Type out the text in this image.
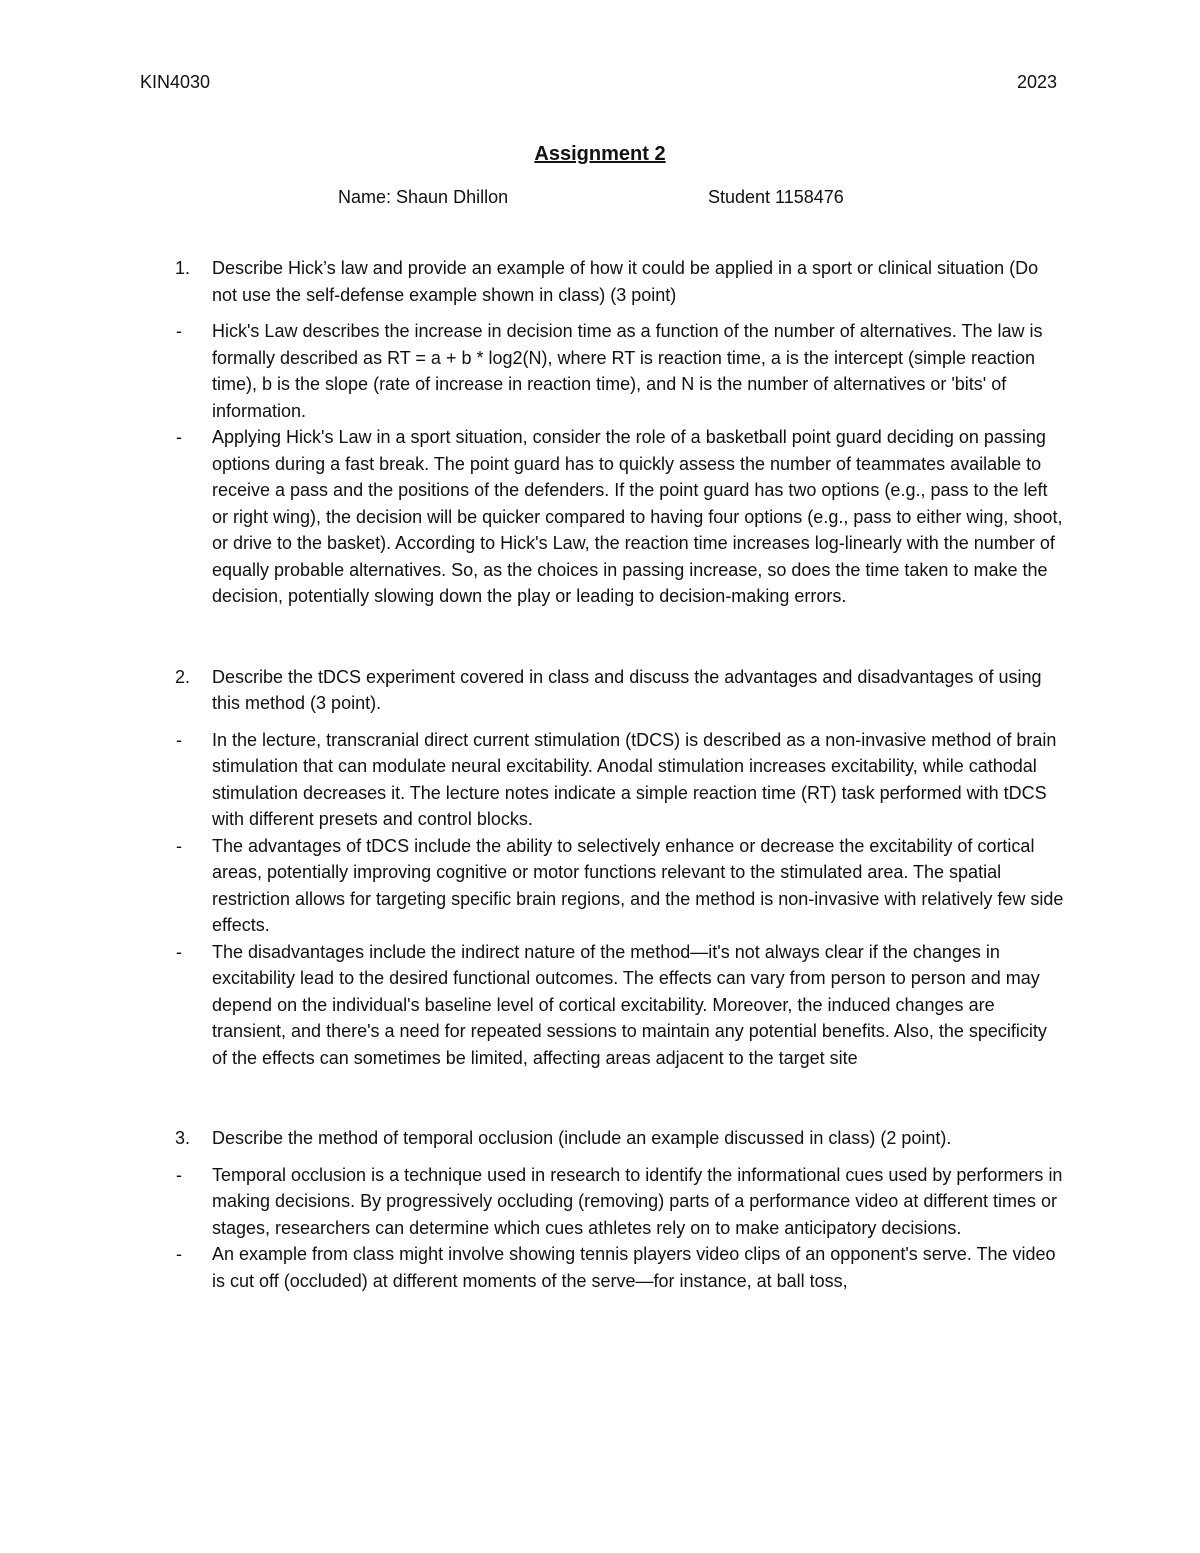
KIN4030	2023
Assignment 2
Name: Shaun Dhillon	Student 1158476
1. Describe Hick’s law and provide an example of how it could be applied in a sport or clinical situation (Do not use the self-defense example shown in class) (3 point)
- Hick's Law describes the increase in decision time as a function of the number of alternatives. The law is formally described as RT = a + b * log2(N), where RT is reaction time, a is the intercept (simple reaction time), b is the slope (rate of increase in reaction time), and N is the number of alternatives or 'bits' of information.
- Applying Hick's Law in a sport situation, consider the role of a basketball point guard deciding on passing options during a fast break. The point guard has to quickly assess the number of teammates available to receive a pass and the positions of the defenders. If the point guard has two options (e.g., pass to the left or right wing), the decision will be quicker compared to having four options (e.g., pass to either wing, shoot, or drive to the basket). According to Hick's Law, the reaction time increases log-linearly with the number of equally probable alternatives. So, as the choices in passing increase, so does the time taken to make the decision, potentially slowing down the play or leading to decision-making errors.
2. Describe the tDCS experiment covered in class and discuss the advantages and disadvantages of using this method (3 point).
- In the lecture, transcranial direct current stimulation (tDCS) is described as a non-invasive method of brain stimulation that can modulate neural excitability. Anodal stimulation increases excitability, while cathodal stimulation decreases it. The lecture notes indicate a simple reaction time (RT) task performed with tDCS with different presets and control blocks.
- The advantages of tDCS include the ability to selectively enhance or decrease the excitability of cortical areas, potentially improving cognitive or motor functions relevant to the stimulated area. The spatial restriction allows for targeting specific brain regions, and the method is non-invasive with relatively few side effects.
- The disadvantages include the indirect nature of the method—it's not always clear if the changes in excitability lead to the desired functional outcomes. The effects can vary from person to person and may depend on the individual's baseline level of cortical excitability. Moreover, the induced changes are transient, and there's a need for repeated sessions to maintain any potential benefits. Also, the specificity of the effects can sometimes be limited, affecting areas adjacent to the target site
3. Describe the method of temporal occlusion (include an example discussed in class) (2 point).
- Temporal occlusion is a technique used in research to identify the informational cues used by performers in making decisions. By progressively occluding (removing) parts of a performance video at different times or stages, researchers can determine which cues athletes rely on to make anticipatory decisions.
- An example from class might involve showing tennis players video clips of an opponent's serve. The video is cut off (occluded) at different moments of the serve—for instance, at ball toss,
